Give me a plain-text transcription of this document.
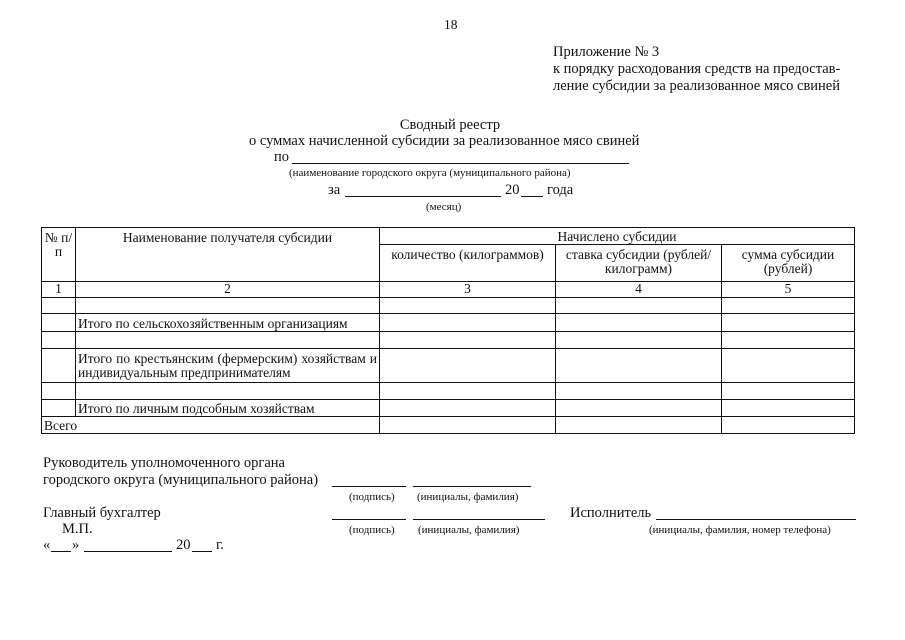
18
Приложение № 3
к порядку расходования средств на предостав-
ление субсидии за реализованное мясо свиней
Сводный реестр
о суммах начисленной субсидии за реализованное мясо свиней
по
(наименование городского округа (муниципального района)
за	20 года
(месяц)
№ п/п	Наименование получателя субсидии	Начислено субсидии		
		количество (килограммов)	ставка субсидии (рублей/килограмм)	сумма субсидии (рублей)
1	2	3	4	5

	Итого по сельскохозяйственным организациям			

	Итого по крестьянским (фермерским) хозяйствам и индивидуальным предпринимателям			

	Итого по личным подсобным хозяйствам			
Всего				
Руководитель уполномоченного органа
городского округа (муниципального района)
(подпись) (инициалы, фамилия)
Главный бухгалтер
(подпись) (инициалы, фамилия)
Исполнитель
(инициалы, фамилия, номер телефона)
М.П.
« »	20 г.
